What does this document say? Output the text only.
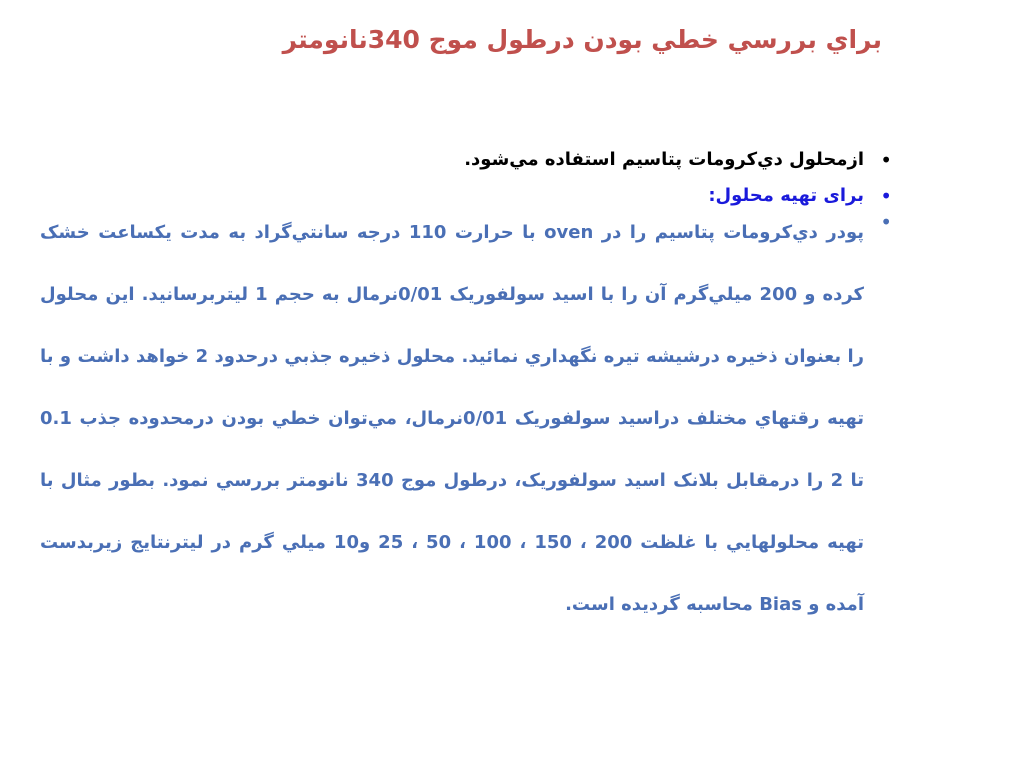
براي بررسي خطي بودن درطول موج 340نانومتر
•
ازمحلول دي‌كرومات پتاسيم استفاده مي‌شود.
•
برای تهيه محلول:
•
پودر دي‌كرومات پتاسيم را در oven با حرارت 110 درجه سانتي‌گراد به مدت يكساعت خشک كرده و 200 ميلي‌گرم آن را با اسيد سولفوريک 0/01نرمال به حجم 1 ليتربرسانيد. اين محلول را بعنوان ذخيره درشيشه تيره نگهداري نمائيد. محلول ذخيره جذبي درحدود 2 خواهد داشت و با تهيه رقتهاي مختلف دراسيد سولفوريک 0/01نرمال، مي‌توان خطي بودن درمحدوده جذب 0.1 تا 2 را درمقابل بلانک اسيد سولفوريک، درطول موج 340 نانومتر بررسي نمود. بطور مثال با تهيه محلولهايي با غلظت 200 ، 150 ، 100 ، 50 ، 25 و10 ميلي گرم در ليترنتايج زيربدست آمده و Bias محاسبه گرديده است.
